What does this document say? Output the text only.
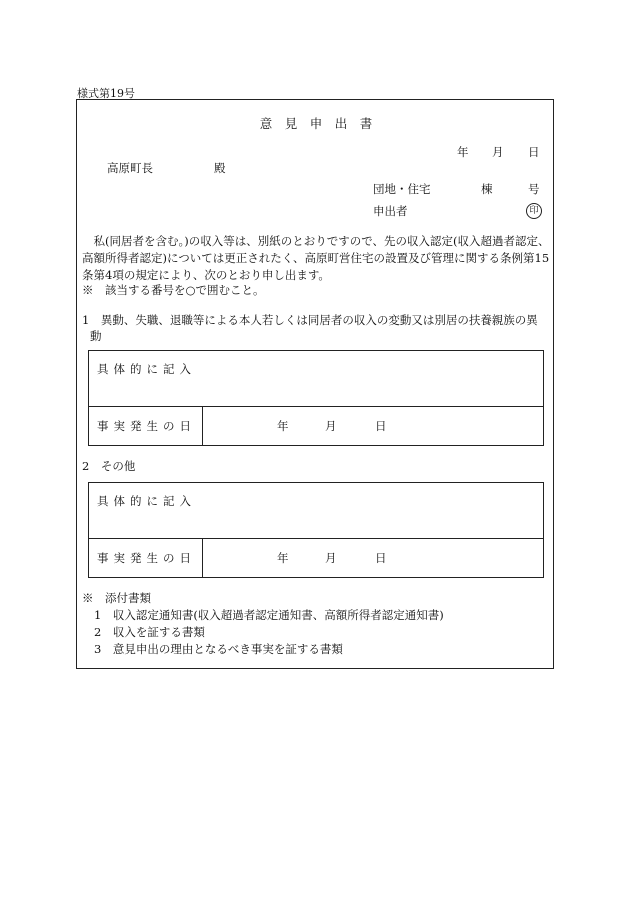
様式第19号
意　見　申　出　書
年 月 日
高原町長	殿
団地・住宅	棟	号
申出者	印
　私(同居者を含む。)の収入等は、別紙のとおりですので、先の収入認定(収入超過者認定、高額所得者認定)については更正されたく、高原町営住宅の設置及び管理に関する条例第15条第4項の規定により、次のとおり申し出ます。
※　該当する番号を○で囲むこと。
1　異動、失職、退職等による本人若しくは同居者の収入の変動又は別居の扶養親族の異
動
具体的に記入
事実発生の日	年	月	日
2　その他
具体的に記入
事実発生の日	年	月	日
※　添付書類
1　収入認定通知書(収入超過者認定通知書、高額所得者認定通知書)
2　収入を証する書類
3　意見申出の理由となるべき事実を証する書類
